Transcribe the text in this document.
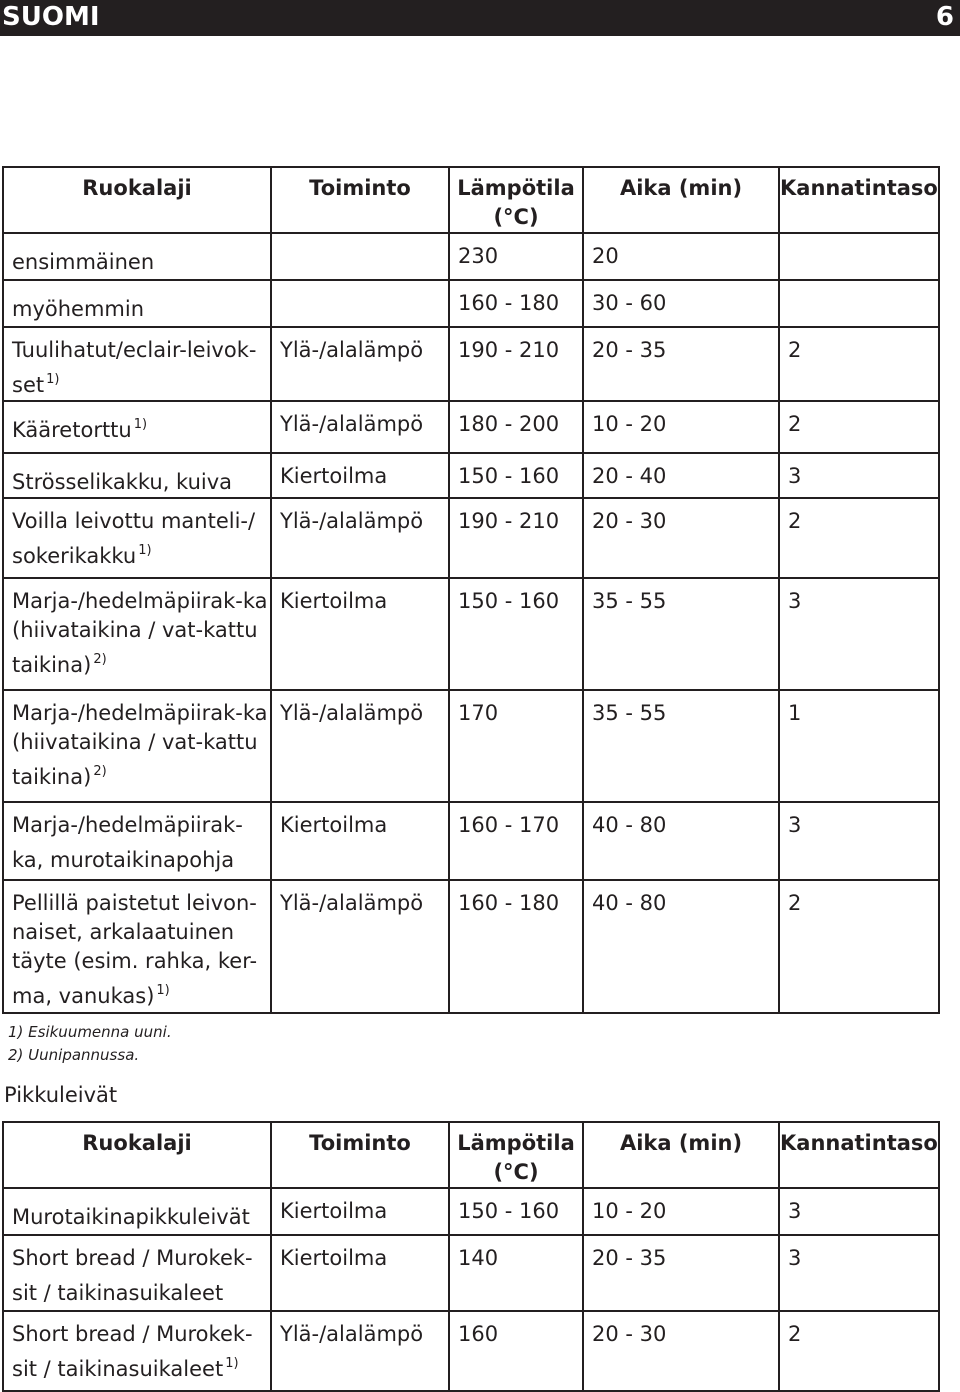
SUOMI	6
Ruokalaji	Toiminto	Lämpötila (°C)	Aika (min)	Kannatintaso
ensimmäinen		230	20	
myöhemmin		160 - 180	30 - 60	
Tuulihatut/eclair-leivok-set $^{1)}$	Ylä-/alalämpö	190 - 210	20 - 35	2
Kääretorttu $^{1)}$	Ylä-/alalämpö	180 - 200	10 - 20	2
Strösselikakku, kuiva	Kiertoilma	150 - 160	20 - 40	3
Voilla leivottu manteli-/ sokerikakku $^{1)}$	Ylä-/alalämpö	190 - 210	20 - 30	2
Marja-/hedelmäpiirak-ka (hiivataikina / vat-kattu taikina) $^{2)}$	Kiertoilma	150 - 160	35 - 55	3
Marja-/hedelmäpiirak-ka (hiivataikina / vat-kattu taikina) $^{2)}$	Ylä-/alalämpö	170	35 - 55	1
Marja-/hedelmäpiirak-ka, murotaikinapohja	Kiertoilma	160 - 170	40 - 80	3
Pellillä paistetut leivon-naiset, arkalaatuinen täyte (esim. rahka, ker-ma, vanukas) $^{1)}$	Ylä-/alalämpö	160 - 180	40 - 80	2
1) Esikuumenna uuni.
2) Uunipannussa.
Pikkuleivät
Ruokalaji	Toiminto	Lämpötila (°C)	Aika (min)	Kannatintaso
Murotaikinapikkuleivät	Kiertoilma	150 - 160	10 - 20	3
Short bread / Murokek-sit / taikinasuikaleet	Kiertoilma	140	20 - 35	3
Short bread / Murokek-sit / taikinasuikaleet $^{1)}$	Ylä-/alalämpö	160	20 - 30	2
